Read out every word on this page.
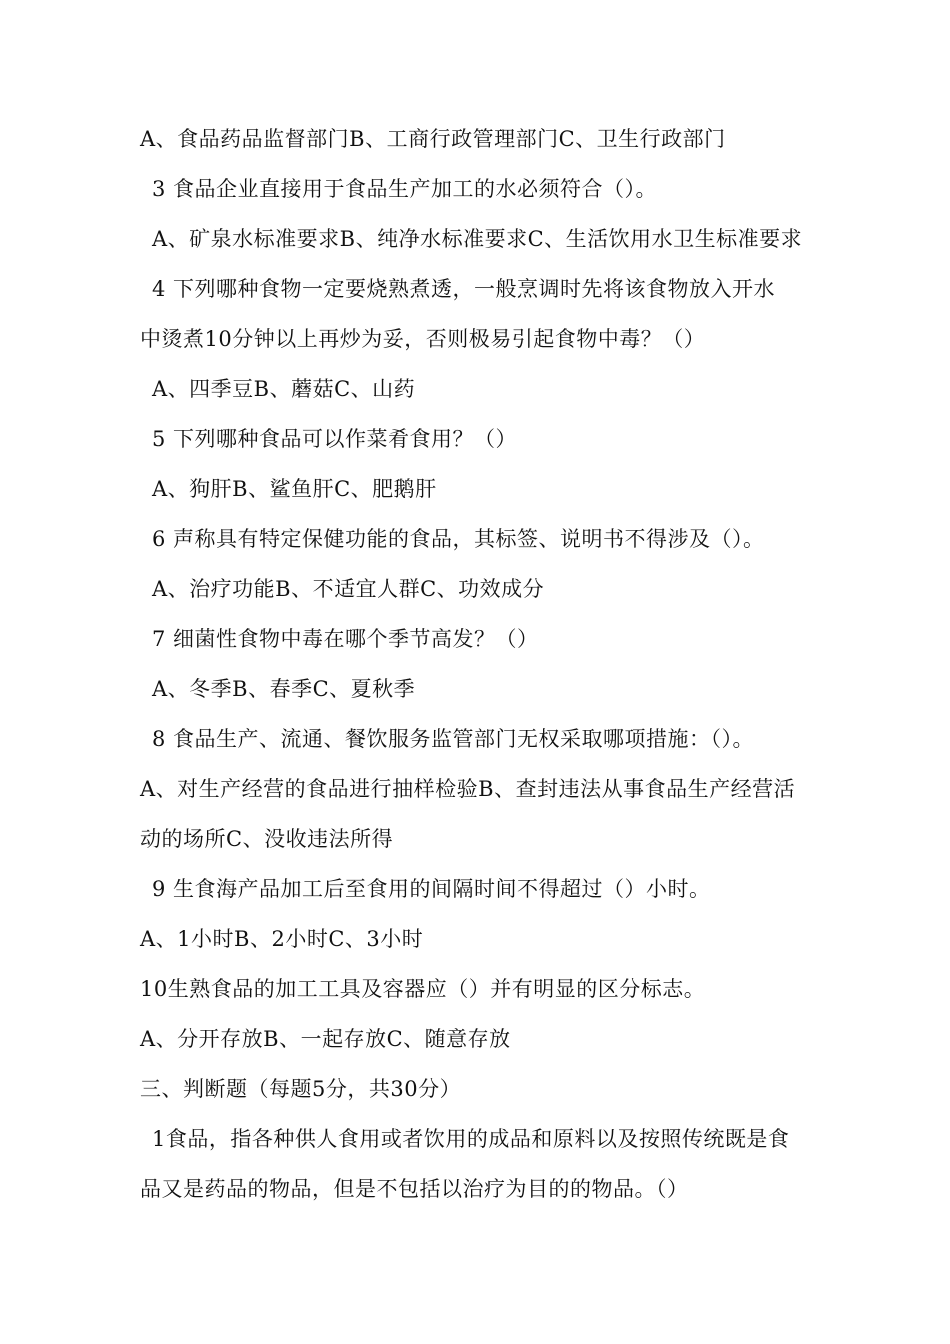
A、食品药品监督部门B、工商行政管理部门C、卫生行政部门
3 食品企业直接用于食品生产加工的水必须符合（）。
A、矿泉水标准要求B、纯净水标准要求C、生活饮用水卫生标准要求
4 下列哪种食物一定要烧熟煮透，一般烹调时先将该食物放入开水
中烫煮10分钟以上再炒为妥，否则极易引起食物中毒？（）
A、四季豆B、蘑菇C、山药
5 下列哪种食品可以作菜肴食用？（）
A、狗肝B、鲨鱼肝C、肥鹅肝
6 声称具有特定保健功能的食品，其标签、说明书不得涉及（）。
A、治疗功能B、不适宜人群C、功效成分
7 细菌性食物中毒在哪个季节高发？（）
A、冬季B、春季C、夏秋季
8 食品生产、流通、餐饮服务监管部门无权采取哪项措施：（）。
A、对生产经营的食品进行抽样检验B、查封违法从事食品生产经营活
动的场所C、没收违法所得
9 生食海产品加工后至食用的间隔时间不得超过（）小时。
A、1小时B、2小时C、3小时
10生熟食品的加工工具及容器应（）并有明显的区分标志。
A、分开存放B、一起存放C、随意存放
三、判断题（每题5分，共30分）
1食品，指各种供人食用或者饮用的成品和原料以及按照传统既是食
品又是药品的物品，但是不包括以治疗为目的的物品。（）
